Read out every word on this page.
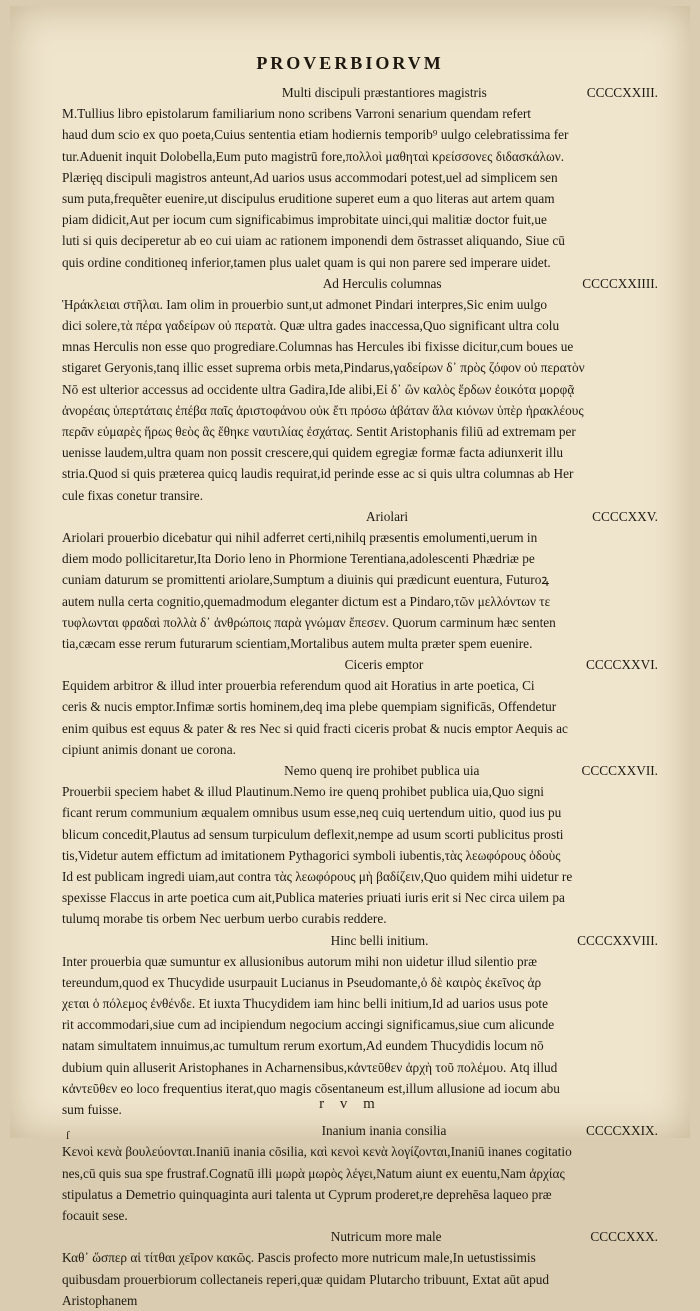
PROVERBIORVM
Multi discipuli præstantiores magistris	CCCCXXIII.
M.Tullius libro epistolarum familiarium nono scribens Varroni senarium quendam refert
haud dum scio ex quo poeta,Cuius sententia etiam hodiernis temporib⁹ uulgo celebratissima fer
tur.Aduenit inquit Dolobella,Eum puto magistrū fore,πολλοὶ μαθηταὶ κρείσσονες διδασκάλων.
Plærięq discipuli magistros anteunt,Ad uarios usus accommodari potest,uel ad simplicem sen
sum puta,frequẽter euenire,ut discipulus eruditione superet eum a quo literas aut artem quam
piam didicit,Aut per iocum cum significabimus improbitate uinci,qui malitiæ doctor fuit,ue
luti si quis deciperetur ab eo cui uiam ac rationem imponendi dem ōstrasset aliquando, Siue cū
quis ordine conditioneq inferior,tamen plus ualet quam is qui non parere sed imperare uidet.
Ad Herculis columnas	CCCCXXIIII.
Ἡράκλειαι στῆλαι. Iam olim in prouerbio sunt,ut admonet Pindari interpres,Sic enim uulgo
dici solere,τὰ πέρα γαδείρων οὐ περατὰ. Quæ ultra gades inaccessa,Quo significant ultra colu
mnas Herculis non esse quo progrediare.Columnas has Hercules ibi fixisse dicitur,cum boues ue
stigaret Geryonis,tanq illic esset suprema orbis meta,Pindarus,γαδείρων δ᾽ πρὸς ζόφον οὐ περατὸν
Nō est ulterior accessus ad occidente ultra Gadira,Ide alibi,Εἰ δ᾽ ὢν καλὸς ἔρδων ἐοικότα μορφᾷ
ἀνορέαις ὑπερτάταις ἐπέβα παῖς ἀριστοφάνου οὐκ ἔτι πρόσω ἀβάταν ἅλα κιόνων ὑπὲρ ἡρακλέους
περᾶν εὐμαρὲς ἥρως θεὸς ἃς ἔθηκε ναυτιλίας ἐσχάτας. Sentit Aristophanis filiū ad extremam per
uenisse laudem,ultra quam non possit crescere,qui quidem egregiæ formæ facta adiunxerit illu
stria.Quod si quis præterea quicq laudis requirat,id perinde esse ac si quis ultra columnas ab Her
cule fixas conetur transire.
Ariolari	CCCCXXV.
Ariolari prouerbio dicebatur qui nihil adferret certi,nihilq præsentis emolumenti,uerum in
diem modo pollicitaretur,Ita Dorio leno in Phormione Terentiana,adolescenti Phædriæ pe
cuniam daturum se promittenti ariolare,Sumptum a diuinis qui prædicunt euentura, Futuroꝝ
autem nulla certa cognitio,quemadmodum eleganter dictum est a Pindaro,τῶν μελλόντων τε
τυφλωνται φραδαὶ πολλὰ δ᾽ ἀνθρώποις παρὰ γνώμαν ἔπεσεν. Quorum carminum hæc senten
tia,cæcam esse rerum futurarum scientiam,Mortalibus autem multa præter spem euenire.
Ciceris emptor	CCCCXXVI.
Equidem arbitror & illud inter prouerbia referendum quod ait Horatius in arte poetica, Ci
ceris & nucis emptor.Infimæ sortis hominem,deq ima plebe quempiam significās, Offendetur
enim quibus est equus & pater & res Nec si quid fracti ciceris probat & nucis emptor Aequis ac
cipiunt animis donant ue corona.
Nemo quenq ire prohibet publica uia	CCCCXXVII.
Prouerbii speciem habet & illud Plautinum.Nemo ire quenq prohibet publica uia,Quo signi
ficant rerum communium æqualem omnibus usum esse,neq cuiq uertendum uitio, quod ius pu
blicum concedit,Plautus ad sensum turpiculum deflexit,nempe ad usum scorti publicitus prosti
tis,Videtur autem effictum ad imitationem Pythagorici symboli iubentis,τὰς λεωφόρους ὁδοὺς
Id est publicam ingredi uiam,aut contra τὰς λεωφόρους μὴ βαδίζειν,Quo quidem mihi uidetur re
spexisse Flaccus in arte poetica cum ait,Publica materies priuati iuris erit si Nec circa uilem pa
tulumq morabe tis orbem Nec uerbum uerbo curabis reddere.
Hinc belli initium.	CCCCXXVIII.
Inter prouerbia quæ sumuntur ex allusionibus autorum mihi non uidetur illud silentio præ
tereundum,quod ex Thucydide usurpauit Lucianus in Pseudomante,ὁ δὲ καιρὸς ἐκεῖνος ἀρ
χεται ὁ πόλεμος ἐνθένδε. Et iuxta Thucydidem iam hinc belli initium,Id ad uarios usus pote
rit accommodari,siue cum ad incipiendum negocium accingi significamus,siue cum alicunde
natam simultatem innuimus,ac tumultum rerum exortum,Ad eundem Thucydidis locum nō
dubium quin alluserit Aristophanes in Acharnensibus,κἀντεῦθεν ἀρχὴ τοῦ πολέμου. Atq illud
κἀντεῦθεν eo loco frequentius iterat,quo magis cōsentaneum est,illum allusione ad iocum abu
sum fuisse.
Inanium inania consilia	CCCCXXIX.
Κενοὶ κενὰ βουλεύονται.Inaniū inania cōsilia, καὶ κενοὶ κενὰ λογίζονται,Inaniū inanes cogitatio
nes,cū quis sua spe frustraf.Cognatū illi μωρὰ μωρὸς λέγει,Natum aiunt ex euentu,Nam ἀρχίας
stipulatus a Demetrio quinquaginta auri talenta ut Cyprum proderet,re deprehēsa laqueo præ
focauit sese.
Nutricum more male	CCCCXXX.
Καθ᾽ ὥσπερ αἱ τίτθαι χεῖρον κακῶς. Pascis profecto more nutricum male,In uetustissimis
quibusdam prouerbiorum collectaneis reperi,quæ quidam Plutarcho tribuunt, Extat aūt apud
Aristophanem
r v m
ſ
